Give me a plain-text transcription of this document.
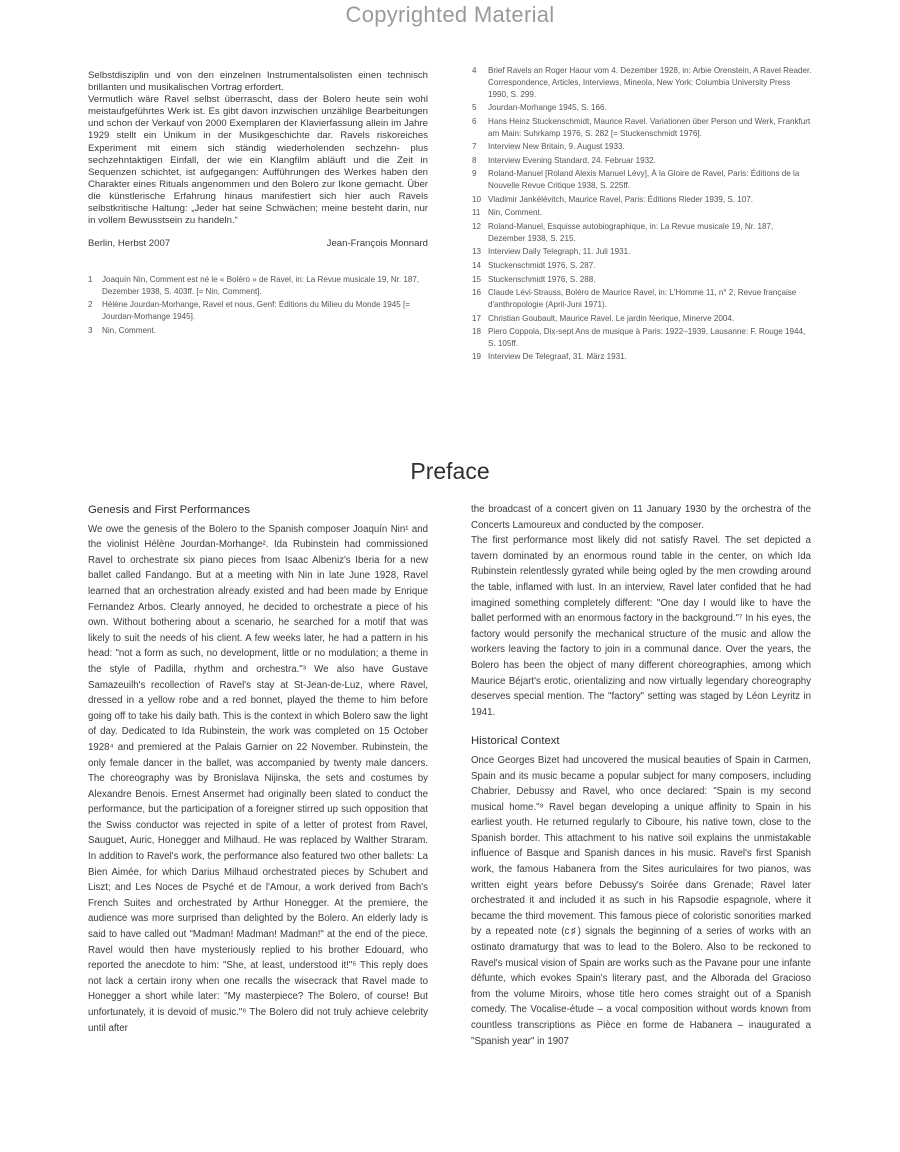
Copyrighted Material

Selbstdisziplin und von den einzelnen Instrumentalsolisten einen technisch brillanten und musikalischen Vortrag erfordert.

Vermutlich wäre Ravel selbst überrascht, dass der Bolero heute sein wohl meistaufgeführtes Werk ist. Es gibt davon inzwischen unzählige Bearbeitungen und schon der Verkauf von 2000 Exemplaren der Klavierfassung allein im Jahre 1929 stellt ein Unikum in der Musikgeschichte dar. Ravels riskoreiches Experiment mit einem sich ständig wiederholenden sechzehn- plus sechzehntaktigen Einfall, der wie ein Klangfilm abläuft und die Zeit in Sequenzen schichtet, ist aufgegangen: Aufführungen des Werkes haben den Charakter eines Rituals angenommen und den Bolero zur Ikone gemacht. Über die künstlerische Erfahrung hinaus manifestiert sich hier auch Ravels selbstkritische Haltung: „Jeder hat seine Schwächen; meine besteht darin, nur in vollem Bewusstsein zu handeln.“

Berlin, Herbst 2007	Jean-François Monnard
1	Joaquín Nin, Comment est né le « Boléro » de Ravel, in: La Revue musicale 19, Nr. 187, Dezember 1938, S. 403ff. [= Nin, Comment].
2	Hélène Jourdan-Morhange, Ravel et nous, Genf: Éditions du Milieu du Monde 1945 [= Jourdan-Morhange 1945].
3	Nin, Comment.
4	Brief Ravels an Roger Haour vom 4. Dezember 1928, in: Arbie Orenstein, A Ravel Reader. Correspondence, Articles, Interviews, Mineola, New York: Columbia University Press 1990, S. 299.
5	Jourdan-Morhange 1945, S. 166.
6	Hans Heinz Stuckenschmidt, Maurice Ravel. Variationen über Person und Werk, Frankfurt am Main: Suhrkamp 1976, S. 282 [= Stuckenschmidt 1976].
7	Interview New Britain, 9. August 1933.
8	Interview Evening Standard, 24. Februar 1932.
9	Roland-Manuel [Roland Alexis Manuel Lévy], À la Gloire de Ravel, Paris: Éditions de la Nouvelle Revue Critique 1938, S. 225ff.
10 Vladimir Jankélévitch, Maurice Ravel, Paris: Éditions Rieder 1939, S. 107.
11 Nin, Comment.
12 Roland-Manuel, Esquisse autobiographique, in: La Revue musicale 19, Nr. 187, Dezember 1938, S. 215.
13 Interview Daily Telegraph, 11. Juli 1931.
14 Stuckenschmidt 1976, S. 287.
15 Stuckenschmidt 1976, S. 288.
16 Claude Lévi-Strauss, Boléro de Maurice Ravel, in: L'Homme 11, n° 2, Revue française d'anthropologie (April-Juni 1971).
17 Christian Goubault, Maurice Ravel. Le jardin féerique, Minerve 2004.
18 Piero Coppola, Dix-sept Ans de musique à Paris: 1922–1939, Lausanne: F. Rouge 1944, S. 105ff.
19 Interview De Telegraaf, 31. März 1931.
Preface
Genesis and First Performances

We owe the genesis of the Bolero to the Spanish composer Joaquín Nin¹ and the violinist Hélène Jourdan-Morhange². Ida Rubinstein had commissioned Ravel to orchestrate six piano pieces from Isaac Albeniz's Iberia for a new ballet called Fandango. But at a meeting with Nin in late June 1928, Ravel learned that an orchestration already existed and had been made by Enrique Fernandez Arbos. Clearly annoyed, he decided to orchestrate a piece of his own. Without bothering about a scenario, he searched for a motif that was likely to suit the needs of his client. A few weeks later, he had a pattern in his head: "not a form as such, no development, little or no modulation; a theme in the style of Padilla, rhythm and orchestra."³ We also have Gustave Samazeuilh's recollection of Ravel's stay at St-Jean-de-Luz, where Ravel, dressed in a yellow robe and a red bonnet, played the theme to him before going off to take his daily bath. This is the context in which Bolero saw the light of day. Dedicated to Ida Rubinstein, the work was completed on 15 October 1928⁴ and premiered at the Palais Garnier on 22 November. Rubinstein, the only female dancer in the ballet, was accompanied by twenty male dancers. The choreography was by Bronislava Nijinska, the sets and costumes by Alexandre Benois. Ernest Ansermet had originally been slated to conduct the performance, but the participation of a foreigner stirred up such opposition that the Swiss conductor was rejected in spite of a letter of protest from Ravel, Sauguet, Auric, Honegger and Milhaud. He was replaced by Walther Straram. In addition to Ravel's work, the performance also featured two other ballets: La Bien Aimée, for which Darius Milhaud orchestrated pieces by Schubert and Liszt; and Les Noces de Psyché et de l'Amour, a work derived from Bach's French Suites and orchestrated by Arthur Honegger. At the premiere, the audience was more surprised than delighted by the Bolero. An elderly lady is said to have called out "Madman! Madman! Madman!" at the end of the piece. Ravel would then have mysteriously replied to his brother Edouard, who reported the anecdote to him: "She, at least, understood it!"⁵ This reply does not lack a certain irony when one recalls the wisecrack that Ravel made to Honegger a short while later: "My masterpiece? The Bolero, of course! But unfortunately, it is devoid of music."⁶ The Bolero did not truly achieve celebrity until after

the broadcast of a concert given on 11 January 1930 by the orchestra of the Concerts Lamoureux and conducted by the composer.

The first performance most likely did not satisfy Ravel. The set depicted a tavern dominated by an enormous round table in the center, on which Ida Rubinstein relentlessly gyrated while being ogled by the men crowding around the table, inflamed with lust. In an interview, Ravel later confided that he had imagined something completely different: "One day I would like to have the ballet performed with an enormous factory in the background."⁷ In his eyes, the factory would personify the mechanical structure of the music and allow the workers leaving the factory to join in a communal dance. Over the years, the Bolero has been the object of many different choreographies, among which Maurice Béjart's erotic, orientalizing and now virtually legendary choreography deserves special mention. The "factory" setting was staged by Léon Leyritz in 1941.

Historical Context

Once Georges Bizet had uncovered the musical beauties of Spain in Carmen, Spain and its music became a popular subject for many composers, including Chabrier, Debussy and Ravel, who once declared: "Spain is my second musical home."⁸ Ravel began developing a unique affinity to Spain in his earliest youth. He returned regularly to Ciboure, his native town, close to the Spanish border. This attachment to his native soil explains the unmistakable influence of Basque and Spanish dances in his music. Ravel's first Spanish work, the famous Habanera from the Sites auriculaires for two pianos, was written eight years before Debussy's Soirée dans Grenade; Ravel later orchestrated it and included it as such in his Rapsodie espagnole, where it became the third movement. This famous piece of coloristic sonorities marked by a repeated note (c♯) signals the beginning of a series of works with an ostinato dramaturgy that was to lead to the Bolero. Also to be reckoned to Ravel's musical vision of Spain are works such as the Pavane pour une infante défunte, which evokes Spain's literary past, and the Alborada del Gracioso from the volume Miroirs, whose title hero comes straight out of a Spanish comedy. The Vocalise-étude – a vocal composition without words known from countless transcriptions as Pièce en forme de Habanera – inaugurated a "Spanish year" in 1907
